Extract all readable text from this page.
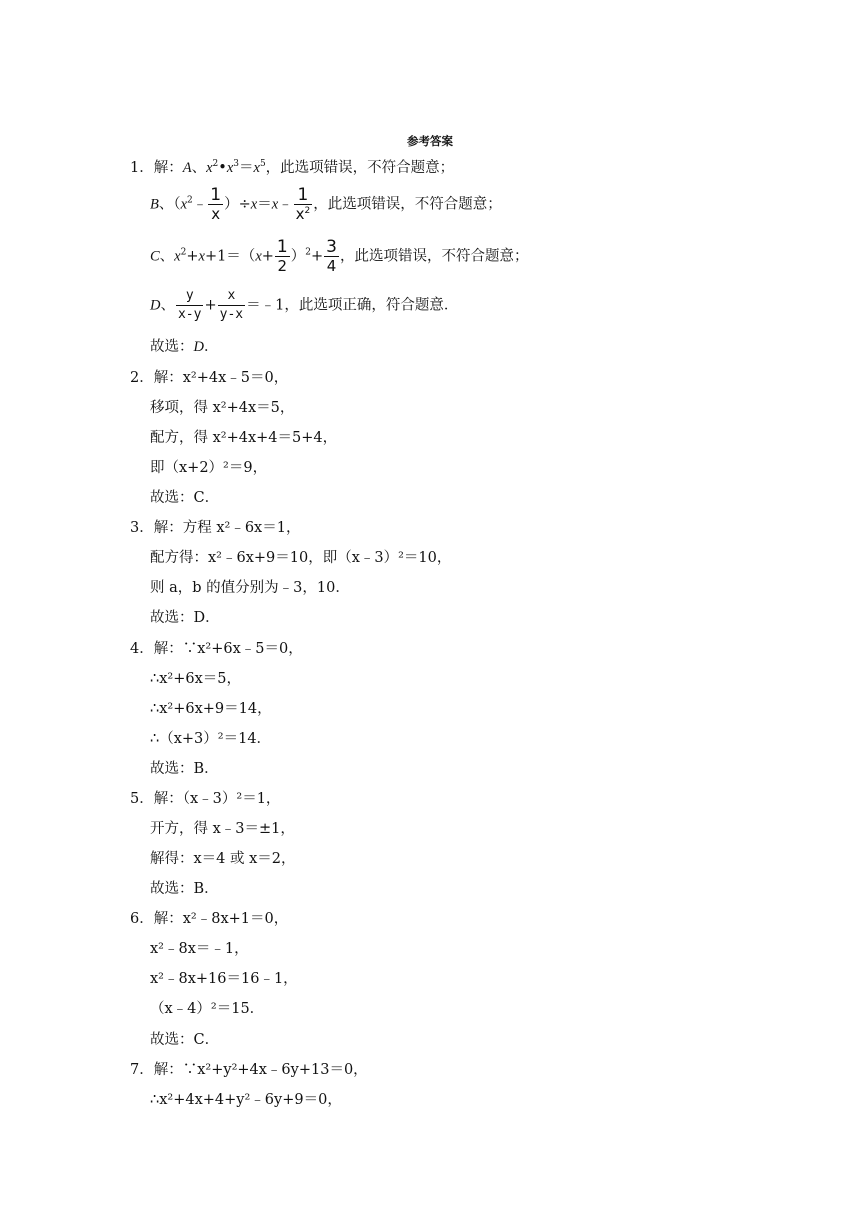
参考答案
1．解：A、$x^2•x^3=x^5$，此选项错误，不符合题意；
B、（$x^2﹣ \frac{1}{x}$ ）÷x＝x﹣ $\frac{1}{x^2}$ ，此选项错误，不符合题意；
C、$x^2+x+1=(x+ \frac{1}{2} )^2+ \frac{3}{4}$ ，此选项错误，不符合题意；
D、 $\frac{y}{x-y} + \frac{x}{y-x}$ ＝﹣1，此选项正确，符合题意．
故选：D．
2．解：x²+4x﹣5＝0，
移项，得 x²+4x＝5，
配方，得 x²+4x+4＝5+4，
即（x+2）²＝9，
故选：C．
3．解：方程 x²﹣6x＝1，
配方得：x²﹣6x+9＝10，即（x﹣3）²＝10，
则 a，b 的值分别为﹣3，10．
故选：D．
4．解：∵x²+6x﹣5＝0，
∴x²+6x＝5，
∴x²+6x+9＝14，
∴（x+3）²＝14．
故选：B．
5．解：（x﹣3）²＝1，
开方，得 x﹣3＝±1，
解得：x＝4 或 x＝2，
故选：B．
6．解：x²﹣8x+1＝0，
x²﹣8x＝﹣1，
x²﹣8x+16＝16﹣1，
（x﹣4）²＝15．
故选：C．
7．解：∵x²+y²+4x﹣6y+13＝0，
∴x²+4x+4+y²﹣6y+9＝0，
